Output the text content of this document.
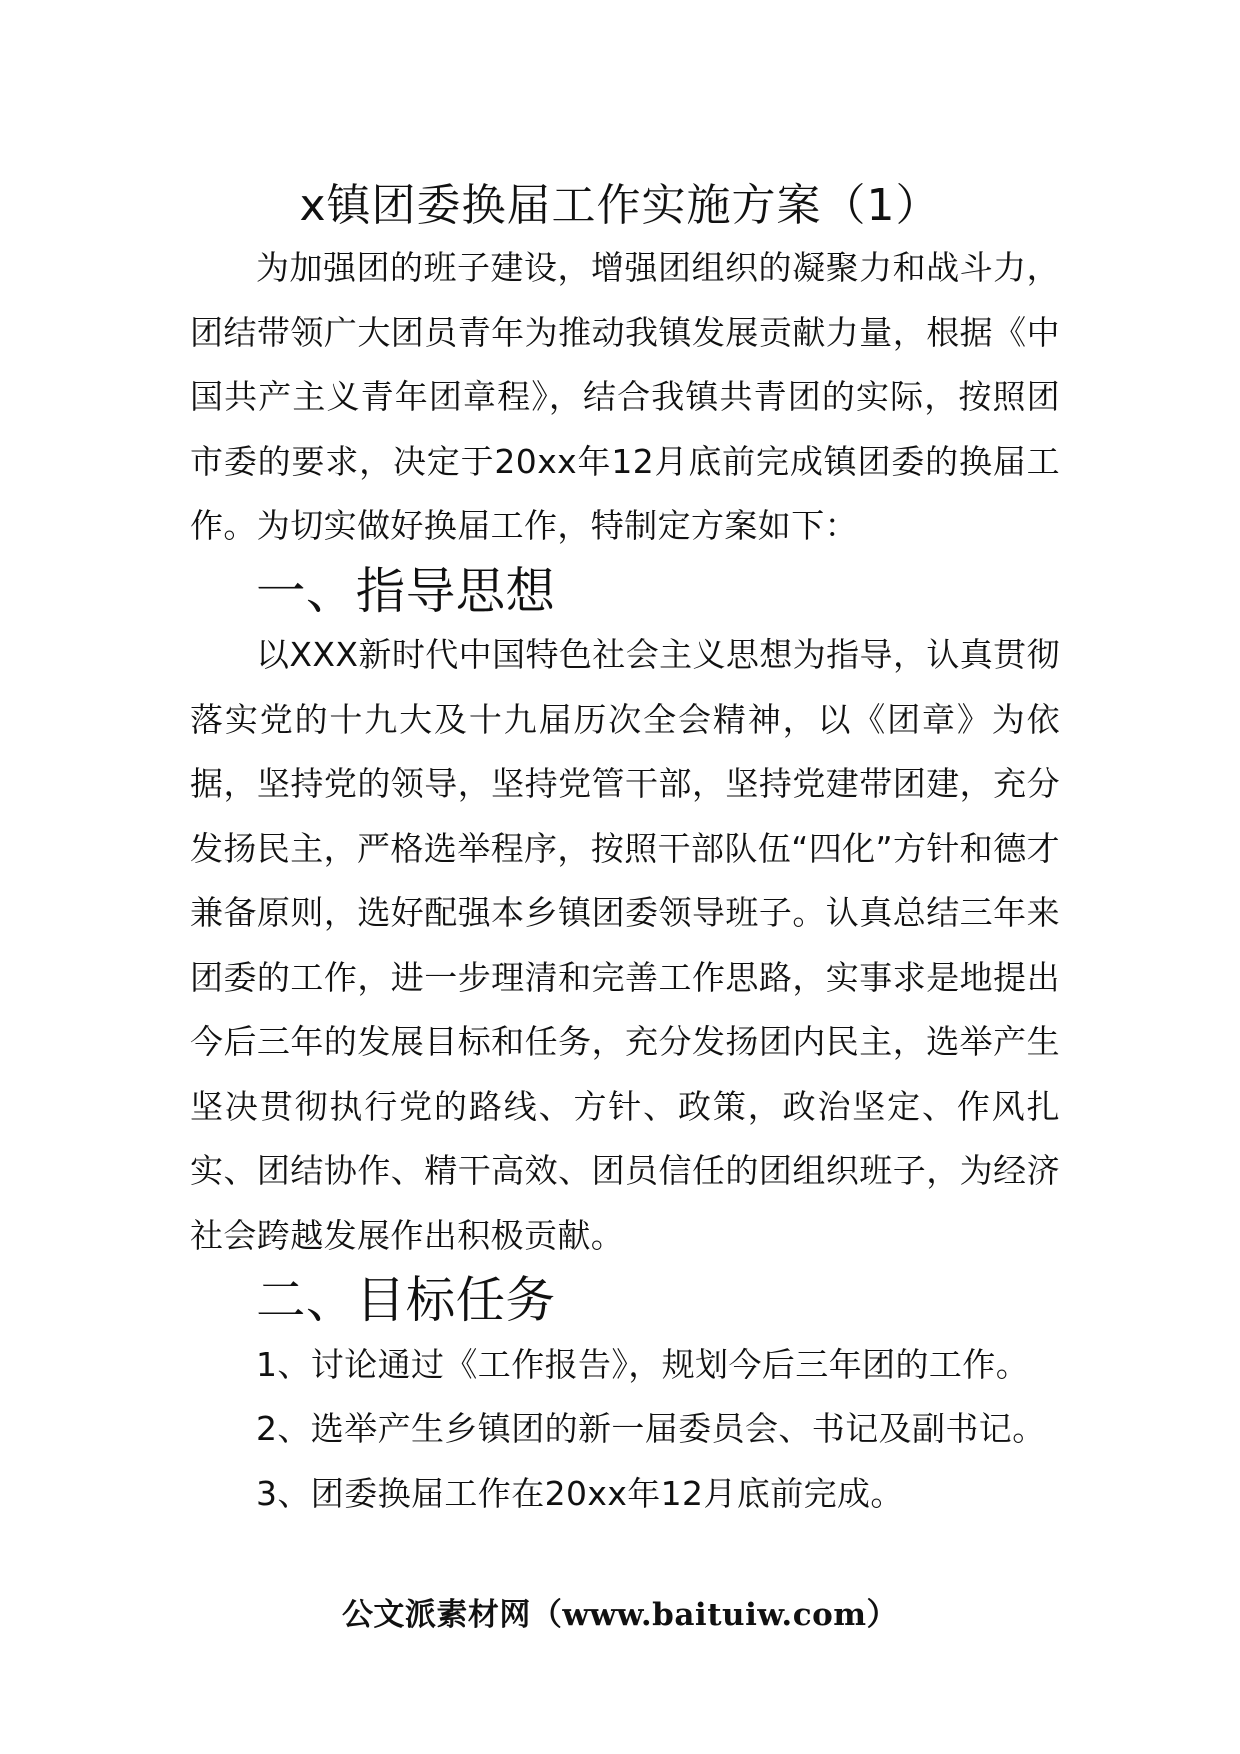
x镇团委换届工作实施方案（1）

为加强团的班子建设，增强团组织的凝聚力和战斗力，团结带领广大团员青年为推动我镇发展贡献力量，根据《中国共产主义青年团章程》，结合我镇共青团的实际，按照团市委的要求，决定于20xx年12月底前完成镇团委的换届工作。为切实做好换届工作，特制定方案如下：

一、指导思想

以XXX新时代中国特色社会主义思想为指导，认真贯彻落实党的十九大及十九届历次全会精神，以《团章》为依据，坚持党的领导，坚持党管干部，坚持党建带团建，充分发扬民主，严格选举程序，按照干部队伍“四化”方针和德才兼备原则，选好配强本乡镇团委领导班子。认真总结三年来团委的工作，进一步理清和完善工作思路，实事求是地提出今后三年的发展目标和任务，充分发扬团内民主，选举产生坚决贯彻执行党的路线、方针、政策，政治坚定、作风扎实、团结协作、精干高效、团员信任的团组织班子，为经济社会跨越发展作出积极贡献。

二、目标任务

1、讨论通过《工作报告》，规划今后三年团的工作。

2、选举产生乡镇团的新一届委员会、书记及副书记。

3、团委换届工作在20xx年12月底前完成。

公文派素材网（www.baituiw.com）
